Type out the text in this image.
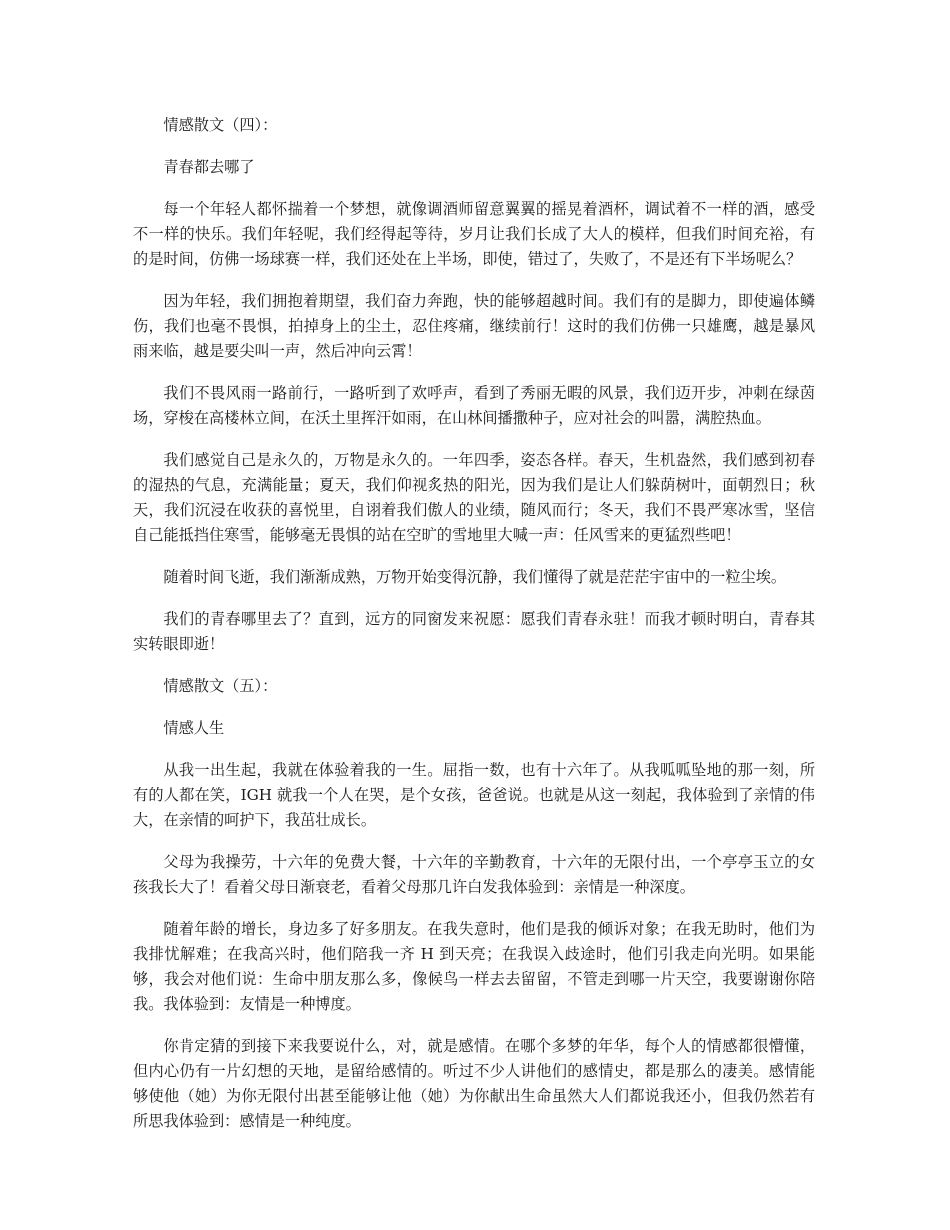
情感散文（四）：

青春都去哪了

每一个年轻人都怀揣着一个梦想，就像调酒师留意翼翼的摇晃着酒杯，调试着不一样的酒，感受不一样的快乐。我们年轻呢，我们经得起等待，岁月让我们长成了大人的模样，但我们时间充裕，有的是时间，仿佛一场球赛一样，我们还处在上半场，即使，错过了，失败了，不是还有下半场呢么？

因为年轻，我们拥抱着期望，我们奋力奔跑，快的能够超越时间。我们有的是脚力，即使遍体鳞伤，我们也毫不畏惧，拍掉身上的尘土，忍住疼痛，继续前行！这时的我们仿佛一只雄鹰，越是暴风雨来临，越是要尖叫一声，然后冲向云霄！

我们不畏风雨一路前行，一路听到了欢呼声，看到了秀丽无暇的风景，我们迈开步，冲刺在绿茵场，穿梭在高楼林立间，在沃土里挥汗如雨，在山林间播撒种子，应对社会的叫嚣，满腔热血。

我们感觉自己是永久的，万物是永久的。一年四季，姿态各样。春天，生机盎然，我们感到初春的湿热的气息，充满能量；夏天，我们仰视炙热的阳光，因为我们是让人们躲荫树叶，面朝烈日；秋天，我们沉浸在收获的喜悦里，自诩着我们傲人的业绩，随风而行；冬天，我们不畏严寒冰雪，坚信自己能抵挡住寒雪，能够毫无畏惧的站在空旷的雪地里大喊一声：任风雪来的更猛烈些吧！

随着时间飞逝，我们渐渐成熟，万物开始变得沉静，我们懂得了就是茫茫宇宙中的一粒尘埃。

我们的青春哪里去了？直到，远方的同窗发来祝愿：愿我们青春永驻！而我才顿时明白，青春其实转眼即逝！

情感散文（五）：

情感人生

从我一出生起，我就在体验着我的一生。屈指一数，也有十六年了。从我呱呱坠地的那一刻，所有的人都在笑，IGH 就我一个人在哭，是个女孩，爸爸说。也就是从这一刻起，我体验到了亲情的伟大，在亲情的呵护下，我茁壮成长。

父母为我操劳，十六年的免费大餐，十六年的辛勤教育，十六年的无限付出，一个亭亭玉立的女孩我长大了！看着父母日渐衰老，看着父母那几许白发我体验到：亲情是一种深度。

随着年龄的增长，身边多了好多朋友。在我失意时，他们是我的倾诉对象；在我无助时，他们为我排忧解难；在我高兴时，他们陪我一齐 H 到天亮；在我误入歧途时，他们引我走向光明。如果能够，我会对他们说：生命中朋友那么多，像候鸟一样去去留留，不管走到哪一片天空，我要谢谢你陪我。我体验到：友情是一种博度。

你肯定猜的到接下来我要说什么，对，就是感情。在哪个多梦的年华，每个人的情感都很懵懂，但内心仍有一片幻想的天地，是留给感情的。听过不少人讲他们的感情史，都是那么的凄美。感情能够使他（她）为你无限付出甚至能够让他（她）为你献出生命虽然大人们都说我还小，但我仍然若有所思我体验到：感情是一种纯度。
